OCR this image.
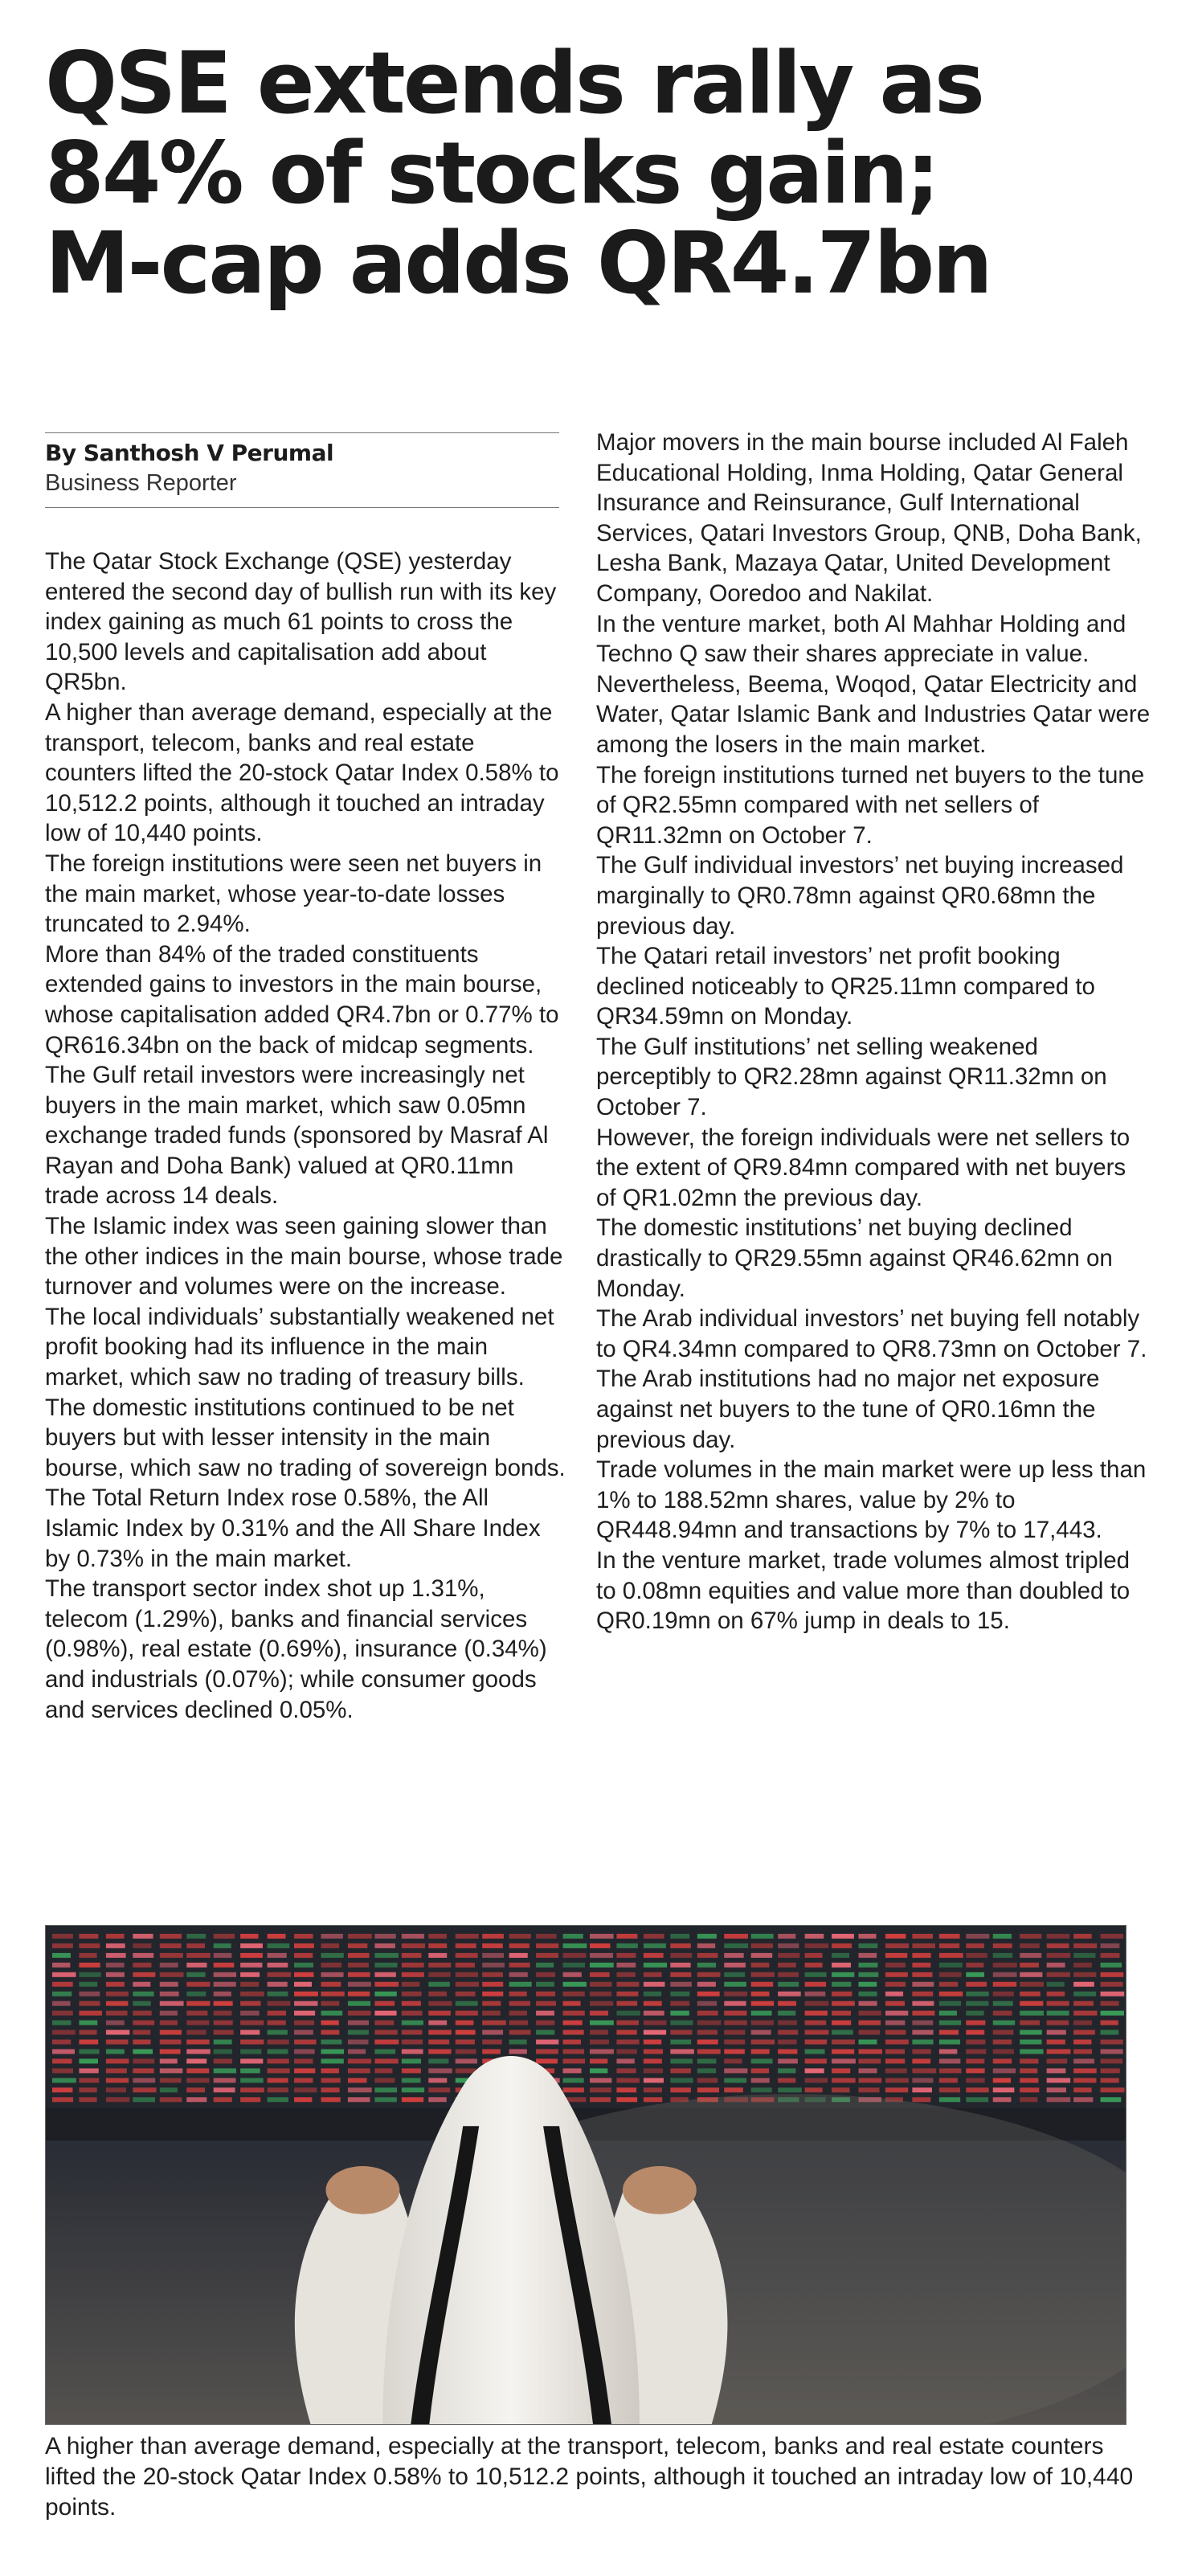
QSE extends rally as
84% of stocks gain;
M-cap adds QR4.7bn
By Santhosh V Perumal
Business Reporter

The Qatar Stock Exchange (QSE) yesterday entered the second day of bullish run with its key index gaining as much 61 points to cross the 10,500 levels and capitalisation add about QR5bn.

A higher than average demand, especially at the transport, telecom, banks and real estate counters lifted the 20-stock Qatar Index 0.58% to 10,512.2 points, although it touched an intraday low of 10,440 points.

The foreign institutions were seen net buyers in the main market, whose year-to-date losses truncated to 2.94%.

More than 84% of the traded constituents extended gains to investors in the main bourse, whose capitalisation added QR4.7bn or 0.77% to QR616.34bn on the back of midcap segments.

The Gulf retail investors were increasingly net buyers in the main market, which saw 0.05mn exchange traded funds (sponsored by Masraf Al Rayan and Doha Bank) valued at QR0.11mn trade across 14 deals.

The Islamic index was seen gaining slower than the other indices in the main bourse, whose trade turnover and volumes were on the increase.

The local individuals’ substantially weakened net profit booking had its influence in the main market, which saw no trading of treasury bills.

The domestic institutions continued to be net buyers but with lesser intensity in the main bourse, which saw no trading of sovereign bonds.

The Total Return Index rose 0.58%, the All Islamic Index by 0.31% and the All Share Index by 0.73% in the main market.

The transport sector index shot up 1.31%, telecom (1.29%), banks and financial services (0.98%), real estate (0.69%), insurance (0.34%) and industrials (0.07%); while consumer goods and services declined 0.05%.

Major movers in the main bourse included Al Faleh Educational Holding, Inma Holding, Qatar General Insurance and Reinsurance, Gulf International Services, Qatari Investors Group, QNB, Doha Bank, Lesha Bank, Mazaya Qatar, United Development Company, Ooredoo and Nakilat.

In the venture market, both Al Mahhar Holding and Techno Q saw their shares appreciate in value.

Nevertheless, Beema, Woqod, Qatar Electricity and Water, Qatar Islamic Bank and Industries Qatar were among the losers in the main market.

The foreign institutions turned net buyers to the tune of QR2.55mn compared with net sellers of QR11.32mn on October 7.

The Gulf individual investors’ net buying increased marginally to QR0.78mn against QR0.68mn the previous day.

The Qatari retail investors’ net profit booking declined noticeably to QR25.11mn compared to QR34.59mn on Monday.

The Gulf institutions’ net selling weakened perceptibly to QR2.28mn against QR11.32mn on October 7.

However, the foreign individuals were net sellers to the extent of QR9.84mn compared with net buyers of QR1.02mn the previous day.

The domestic institutions’ net buying declined drastically to QR29.55mn against QR46.62mn on Monday.

The Arab individual investors’ net buying fell notably to QR4.34mn compared to QR8.73mn on October 7.

The Arab institutions had no major net exposure against net buyers to the tune of QR0.16mn the previous day.

Trade volumes in the main market were up less than 1% to 188.52mn shares, value by 2% to QR448.94mn and transactions by 7% to 17,443.

In the venture market, trade volumes almost tripled to 0.08mn equities and value more than doubled to QR0.19mn on 67% jump in deals to 15.

A higher than average demand, especially at the transport, telecom, banks and real estate counters lifted the 20-stock Qatar Index 0.58% to 10,512.2 points, although it touched an intraday low of 10,440 points.
